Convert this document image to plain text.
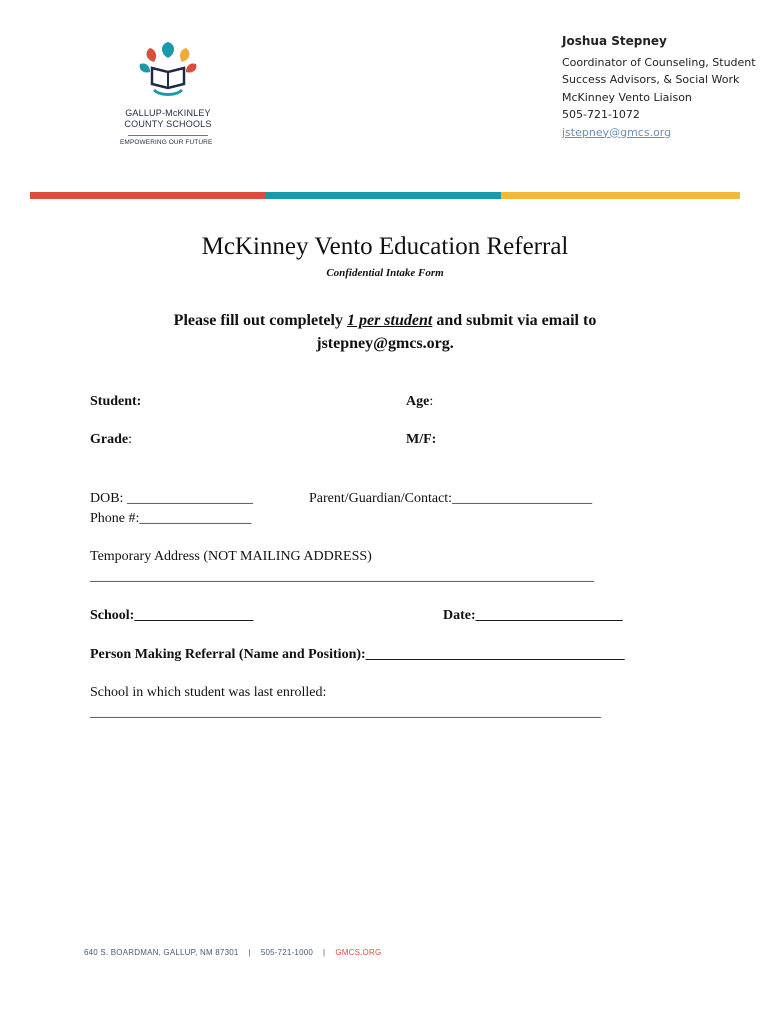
GALLUP-McKINLEY
COUNTY SCHOOLS
EMPOWERING OUR FUTURE
Joshua Stepney
Coordinator of Counseling, Student
Success Advisors, & Social Work
McKinney Vento Liaison
505-721-1072
jstepney@gmcs.org
McKinney Vento Education Referral
Confidential Intake Form
Please fill out completely 1 per student and submit via email to
jstepney@gmcs.org.
Student:	Age:
Grade:	M/F:
DOB: __________________	Parent/Guardian/Contact:____________________
Phone #:________________
Temporary Address (NOT MAILING ADDRESS)
________________________________________________________________________
School:_________________	Date:_____________________
Person Making Referral (Name and Position):_____________________________________
School in which student was last enrolled:
_________________________________________________________________________
640 S. BOARDMAN, GALLUP, NM 87301 | 505-721-1000 | GMCS.ORG
